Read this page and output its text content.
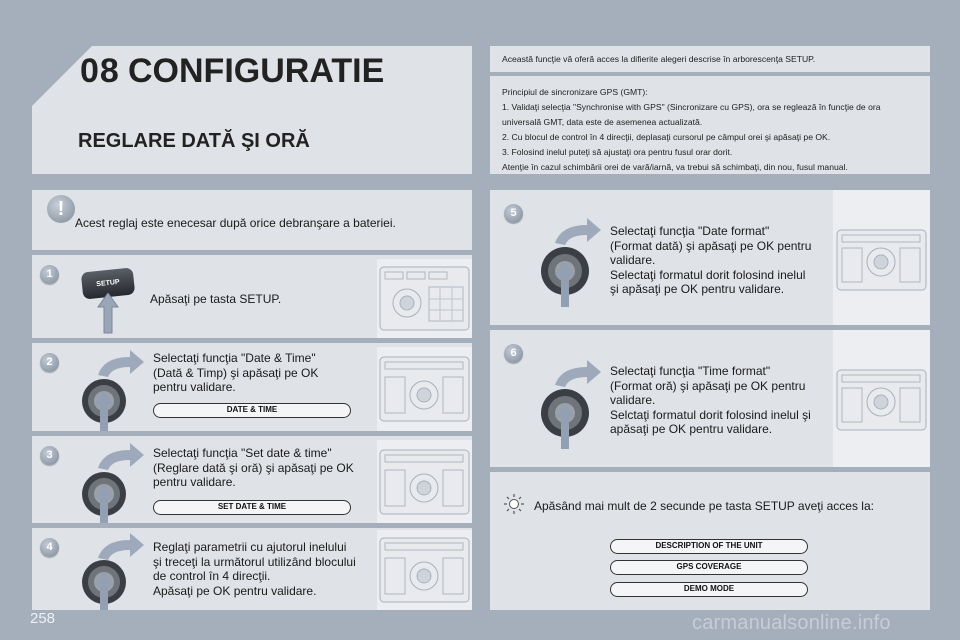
08 CONFIGURATIE
REGLARE DATĂ ŞI ORĂ
Această funcţie vă oferă acces la difierite alegeri descrise în arborescenţa SETUP.
Principiul de sincronizare GPS (GMT):
1. Validaţi selecţia "Synchronise with GPS" (Sincronizare cu GPS), ora se reglează în funcţie de ora
universală GMT, data este de asemenea actualizată.
2. Cu blocul de control în 4 direcţii, deplasaţi cursorul pe câmpul orei şi apăsaţi pe OK.
3. Folosind inelul puteţi să ajustaţi ora pentru fusul orar dorit.
Atenţie în cazul schimbării orei de vară/iarnă, va trebui să schimbaţi, din nou, fusul manual.
!
Acest reglaj este enecesar după orice debranşare a bateriei.
1
SETUP
Apăsaţi pe tasta SETUP.
2	Selectaţi funcţia "Date & Time"
(Dată & Timp) şi apăsaţi pe OK
pentru validare.
DATE & TIME
3	Selectaţi funcţia "Set date & time"
(Reglare dată şi oră) şi apăsaţi pe OK
pentru validare.
SET DATE & TIME
4	Reglaţi parametrii cu ajutorul inelului
şi treceţi la următorul utilizând blocului
de control în 4 direcţii.
Apăsaţi pe OK pentru validare.
5
Selectaţi funcţia "Date format"
(Format dată) şi apăsaţi pe OK pentru
validare.
Selectaţi formatul dorit folosind inelul
şi apăsaţi pe OK pentru validare.
6
Selectaţi funcţia "Time format"
(Format oră) şi apăsaţi pe OK pentru
validare.
Selctaţi formatul dorit folosind inelul şi
apăsaţi pe OK pentru validare.
Apăsând mai mult de 2 secunde pe tasta SETUP aveţi acces la:
DESCRIPTION OF THE UNIT
GPS COVERAGE
DEMO MODE
258	carmanualsonline.info
